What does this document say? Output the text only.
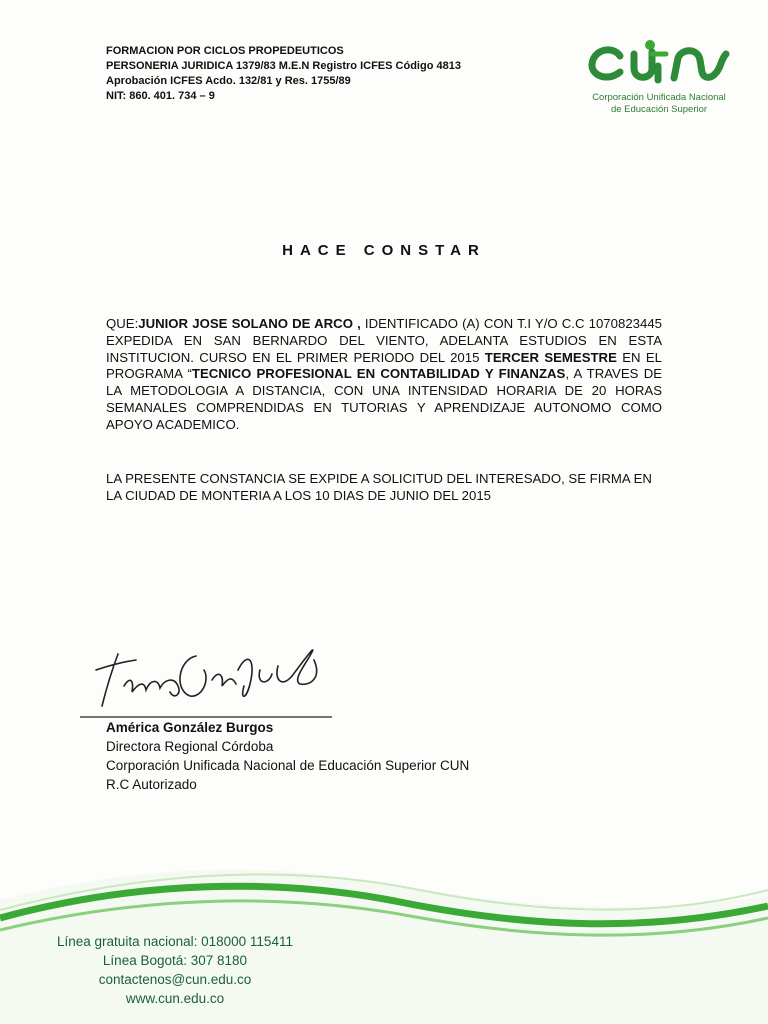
FORMACION POR CICLOS PROPEDEUTICOS
PERSONERIA JURIDICA 1379/83 M.E.N Registro ICFES Código 4813
Aprobación ICFES Acdo. 132/81 y Res. 1755/89
NIT: 860. 401. 734 – 9	Corporación Unificada Nacional
de Educación Superior
HACE CONSTAR
QUE:JUNIOR JOSE SOLANO DE ARCO , IDENTIFICADO (A) CON T.I Y/O C.C 1070823445 EXPEDIDA EN SAN BERNARDO DEL VIENTO, ADELANTA ESTUDIOS EN ESTA INSTITUCION. CURSO EN EL PRIMER PERIODO DEL 2015 TERCER SEMESTRE EN EL PROGRAMA “TECNICO PROFESIONAL EN CONTABILIDAD Y FINANZAS, A TRAVES DE LA METODOLOGIA A DISTANCIA, CON UNA INTENSIDAD HORARIA DE 20 HORAS SEMANALES COMPRENDIDAS EN TUTORIAS Y APRENDIZAJE AUTONOMO COMO APOYO ACADEMICO.
LA PRESENTE CONSTANCIA SE EXPIDE A SOLICITUD DEL INTERESADO, SE FIRMA EN LA CIUDAD DE MONTERIA A LOS 10 DIAS DE JUNIO DEL 2015
América González Burgos
Directora Regional Córdoba
Corporación Unificada Nacional de Educación Superior CUN
R.C Autorizado
Línea gratuita nacional: 018000 115411
Línea Bogotá: 307 8180
contactenos@cun.edu.co
www.cun.edu.co
